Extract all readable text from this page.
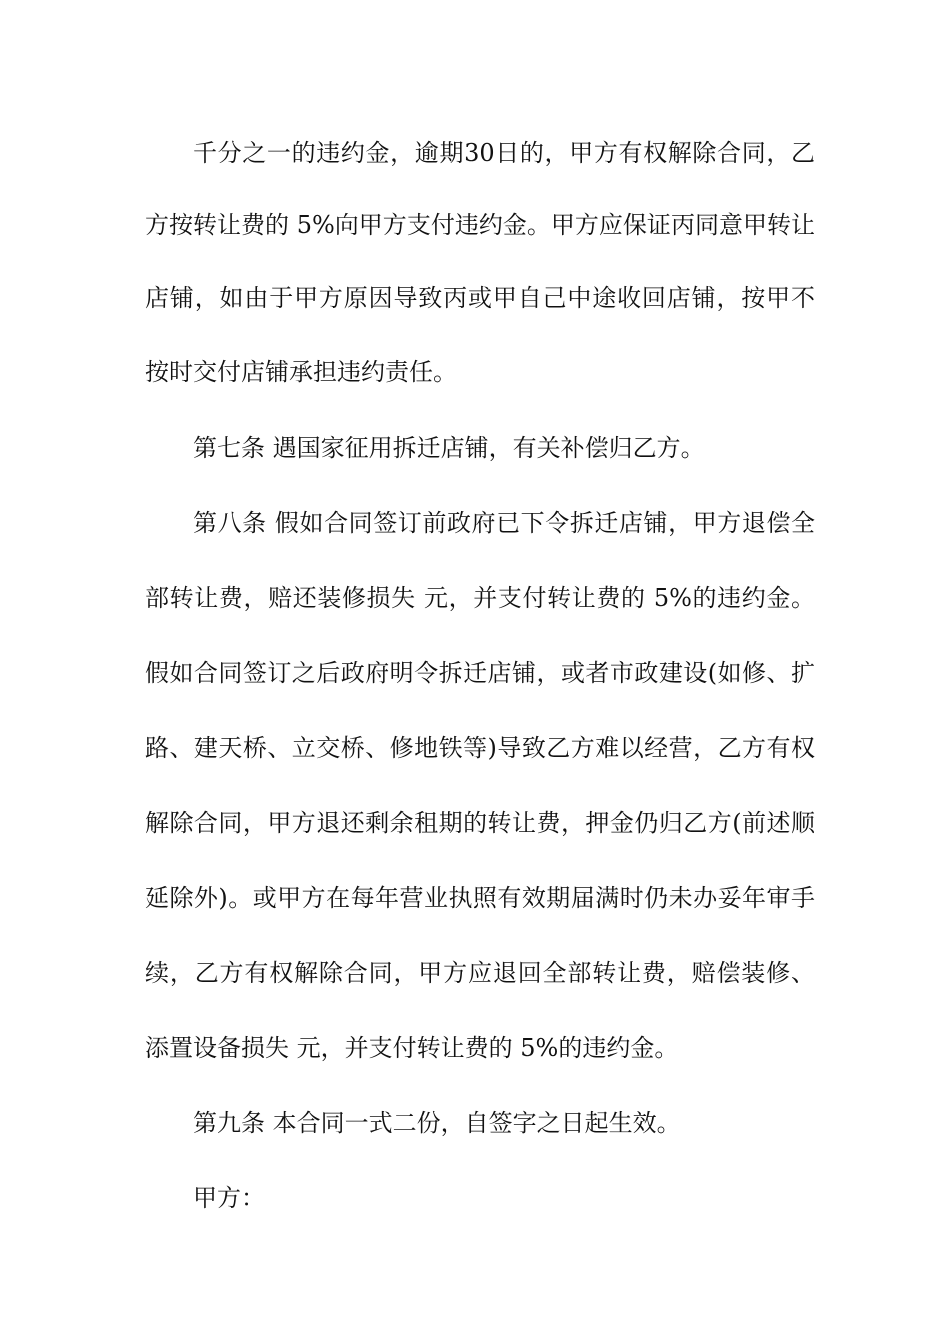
千分之一的违约金，逾期30日的，甲方有权解除合同，乙
方按转让费的 5%向甲方支付违约金。甲方应保证丙同意甲转让
店铺，如由于甲方原因导致丙或甲自己中途收回店铺，按甲不
按时交付店铺承担违约责任。
第七条 遇国家征用拆迁店铺，有关补偿归乙方。
第八条 假如合同签订前政府已下令拆迁店铺，甲方退偿全
部转让费，赔还装修损失 元，并支付转让费的 5%的违约金。
假如合同签订之后政府明令拆迁店铺，或者市政建设(如修、扩
路、建天桥、立交桥、修地铁等)导致乙方难以经营，乙方有权
解除合同，甲方退还剩余租期的转让费，押金仍归乙方(前述顺
延除外)。或甲方在每年营业执照有效期届满时仍未办妥年审手
续，乙方有权解除合同，甲方应退回全部转让费，赔偿装修、
添置设备损失 元，并支付转让费的 5%的违约金。
第九条 本合同一式二份，自签字之日起生效。
甲方：
